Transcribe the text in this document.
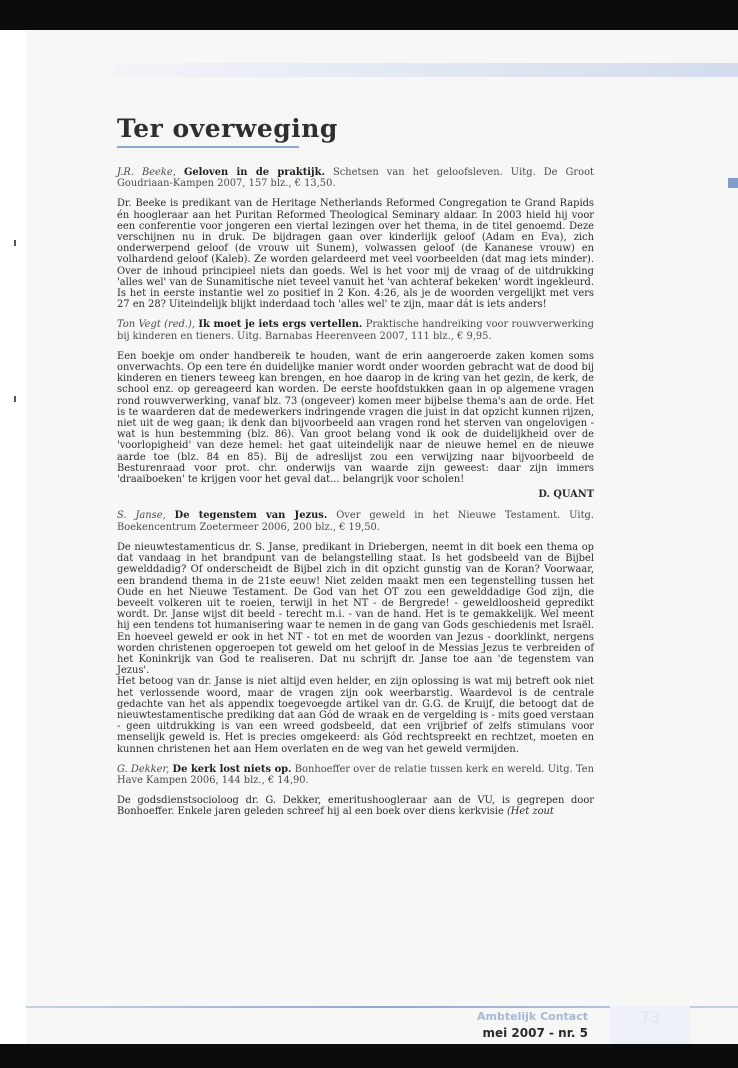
Ter overweging

J.R. Beeke, Geloven in de praktijk. Schetsen van het geloofsleven. Uitg. De Groot Goudriaan-Kampen 2007, 157 blz., € 13,50.

Dr. Beeke is predikant van de Heritage Netherlands Reformed Congregation te Grand Rapids én hoogleraar aan het Puritan Reformed Theological Seminary aldaar. In 2003 hield hij voor een conferentie voor jongeren een viertal lezingen over het thema, in de titel genoemd. Deze verschijnen nu in druk. De bijdragen gaan over kinderlijk geloof (Adam en Eva), zich onderwerpend geloof (de vrouw uit Sunem), volwassen geloof (de Kananese vrouw) en volhardend geloof (Kaleb). Ze worden gelardeerd met veel voorbeelden (dat mag iets minder). Over de inhoud principieel niets dan goeds. Wel is het voor mij de vraag of de uitdrukking 'alles wel' van de Sunamitische niet teveel vanuit het 'van achteraf bekeken' wordt ingekleurd. Is het in eerste instantie wel zo positief in 2 Kon. 4:26, als je de woorden vergelijkt met vers 27 en 28? Uiteindelijk blijkt inderdaad toch 'alles wel' te zijn, maar dát is iets anders!

Ton Vegt (red.), Ik moet je iets ergs vertellen. Praktische handreiking voor rouwverwerking bij kinderen en tieners. Uitg. Barnabas Heerenveen 2007, 111 blz., € 9,95.

Een boekje om onder handbereik te houden, want de erin aangeroerde zaken komen soms onverwachts. Op een tere én duidelijke manier wordt onder woorden gebracht wat de dood bij kinderen en tieners teweeg kan brengen, en hoe daarop in de kring van het gezin, de kerk, de school enz. op gereageerd kan worden. De eerste hoofdstukken gaan in op algemene vragen rond rouwverwerking, vanaf blz. 73 (ongeveer) komen meer bijbelse thema's aan de orde. Het is te waarderen dat de medewerkers indringende vragen die juist in dat opzicht kunnen rijzen, niet uit de weg gaan; ik denk dan bijvoorbeeld aan vragen rond het sterven van ongelovigen - wat is hun bestemming (blz. 86). Van groot belang vond ik ook de duidelijkheid over de 'voorlopigheid' van deze hemel: het gaat uiteindelijk naar de nieuwe hemel en de nieuwe aarde toe (blz. 84 en 85). Bij de adreslijst zou een verwijzing naar bijvoorbeeld de Besturenraad voor prot. chr. onderwijs van waarde zijn geweest: daar zijn immers 'draaiboeken' te krijgen voor het geval dat... belangrijk voor scholen!

D. QUANT

S. Janse, De tegenstem van Jezus. Over geweld in het Nieuwe Testament. Uitg. Boekencentrum Zoetermeer 2006, 200 blz., € 19,50.

De nieuwtestamenticus dr. S. Janse, predikant in Driebergen, neemt in dit boek een thema op dat vandaag in het brandpunt van de belangstelling staat. Is het godsbeeld van de Bijbel gewelddadig? Of onderscheidt de Bijbel zich in dit opzicht gunstig van de Koran? Voorwaar, een brandend thema in de 21ste eeuw! Niet zelden maakt men een tegenstelling tussen het Oude en het Nieuwe Testament. De God van het OT zou een gewelddadige God zijn, die beveelt volkeren uit te roeien, terwijl in het NT - de Bergrede! - geweldloosheid gepredikt wordt. Dr. Janse wijst dit beeld - terecht m.i. - van de hand. Het is te gemakkelijk. Wel meent hij een tendens tot humanisering waar te nemen in de gang van Gods geschiedenis met Israël. En hoeveel geweld er ook in het NT - tot en met de woorden van Jezus - doorklinkt, nergens worden christenen opgeroepen tot geweld om het geloof in de Messias Jezus te verbreiden of het Koninkrijk van God te realiseren. Dat nu schrijft dr. Janse toe aan 'de tegenstem van Jezus'.

Het betoog van dr. Janse is niet altijd even helder, en zijn oplossing is wat mij betreft ook niet het verlossende woord, maar de vragen zijn ook weerbarstig. Waardevol is de centrale gedachte van het als appendix toegevoegde artikel van dr. G.G. de Kruijf, die betoogt dat de nieuwtestamentische prediking dat aan Gód de wraak en de vergelding is - mits goed verstaan - geen uitdrukking is van een wreed godsbeeld, dat een vrijbrief of zelfs stimulans voor menselijk geweld is. Het is precies omgekeerd: als Gód rechtspreekt en rechtzet, moeten en kunnen christenen het aan Hem overlaten en de weg van het geweld vermijden.

G. Dekker, De kerk lost niets op. Bonhoeffer over de relatie tussen kerk en wereld. Uitg. Ten Have Kampen 2006, 144 blz., € 14,90.

De godsdienstsocioloog dr. G. Dekker, emeritushoogleraar aan de VU, is gegrepen door Bonhoeffer. Enkele jaren geleden schreef hij al een boek over diens kerkvisie (Het zout

73
Ambtelijk Contact
mei 2007 - nr. 5
